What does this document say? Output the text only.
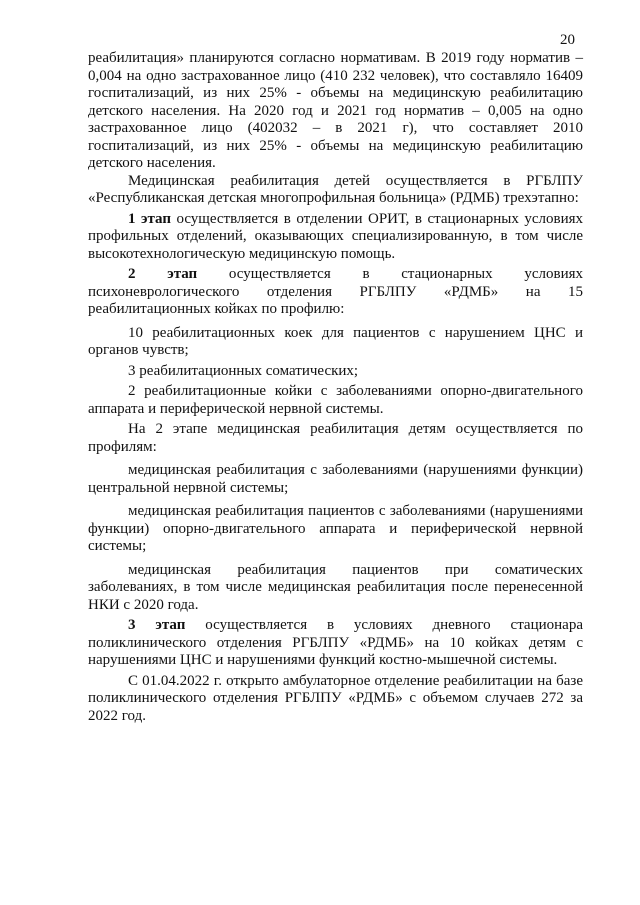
20

реабилитация» планируются согласно нормативам. В 2019 году норматив – 0,004 на одно застрахованное лицо (410 232 человек), что составляло 16409 госпитализаций, из них 25% - объемы на медицинскую реабилитацию детского населения. На 2020 год и 2021 год норматив – 0,005 на одно застрахованное лицо (402032 – в 2021 г), что составляет 2010 госпитализаций, из них 25% - объемы на медицинскую реабилитацию детского населения.

Медицинская реабилитация детей осуществляется в РГБЛПУ «Республиканская детская многопрофильная больница» (РДМБ) трехэтапно:

1 этап осуществляется в отделении ОРИТ, в стационарных условиях профильных отделений, оказывающих специализированную, в том числе высокотехнологическую медицинскую помощь.

2 этап осуществляется в стационарных условиях психоневрологического отделения РГБЛПУ «РДМБ» на 15 реабилитационных койках по профилю:

10 реабилитационных коек для пациентов с нарушением ЦНС и органов чувств;

3 реабилитационных соматических;

2 реабилитационные койки с заболеваниями опорно-двигательного аппарата и периферической нервной системы.

На 2 этапе медицинская реабилитация детям осуществляется по профилям:

медицинская реабилитация с заболеваниями (нарушениями функции) центральной нервной системы;

медицинская реабилитация пациентов с заболеваниями (нарушениями функции) опорно-двигательного аппарата и периферической нервной системы;

медицинская реабилитация пациентов при соматических заболеваниях, в том числе медицинская реабилитация после перенесенной НКИ с 2020 года.

3 этап осуществляется в условиях дневного стационара поликлинического отделения РГБЛПУ «РДМБ» на 10 койках детям с нарушениями ЦНС и нарушениями функций костно-мышечной системы.

С 01.04.2022 г. открыто амбулаторное отделение реабилитации на базе поликлинического отделения РГБЛПУ «РДМБ» с объемом случаев 272 за 2022 год.
